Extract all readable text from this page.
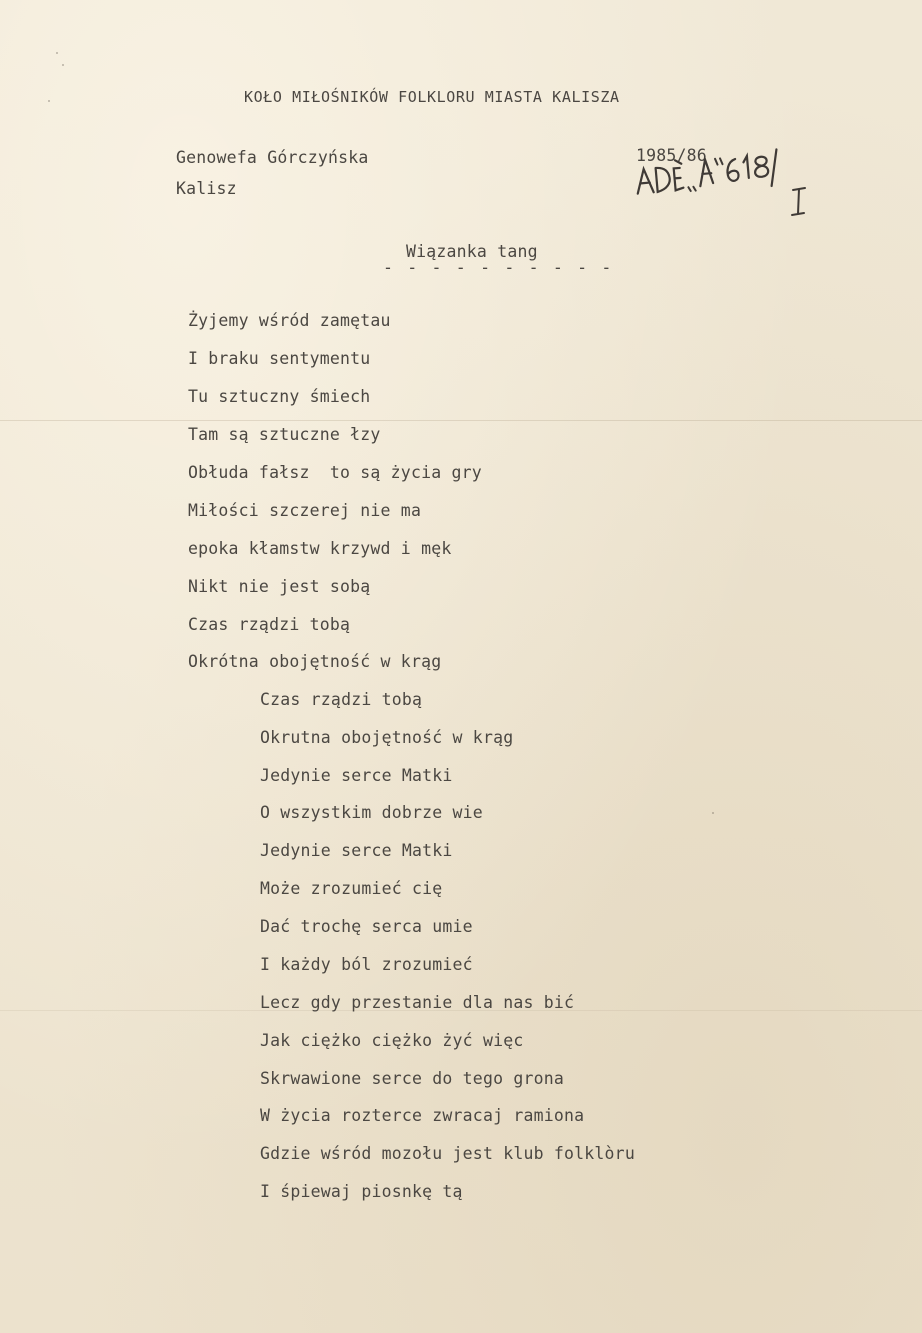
KOŁO MIŁOŚNIKÓW FOLKLORU MIASTA KALISZA
Genowefa Górczyńska
Kalisz
1985/86
Wiązanka tang
- - - - - - - - - -
Żyjemy wśród zamętau
I braku sentymentu
Tu sztuczny śmiech
Tam są sztuczne łzy
Obłuda fałsz  to są życia gry
Miłości szczerej nie ma
epoka kłamstw krzywd i męk
Nikt nie jest sobą
Czas rządzi tobą
Okrótna obojętność w krąg
Czas rządzi tobą
Okrutna obojętność w krąg
Jedynie serce Matki
O wszystkim dobrze wie
Jedynie serce Matki
Może zrozumieć cię
Dać trochę serca umie
I każdy ból zrozumieć
Lecz gdy przestanie dla nas bić
Jak ciężko ciężko żyć więc
Skrwawione serce do tego grona
W życia rozterce zwracaj ramiona
Gdzie wśród mozołu jest klub folklòru
I śpiewaj piosnkę tą
